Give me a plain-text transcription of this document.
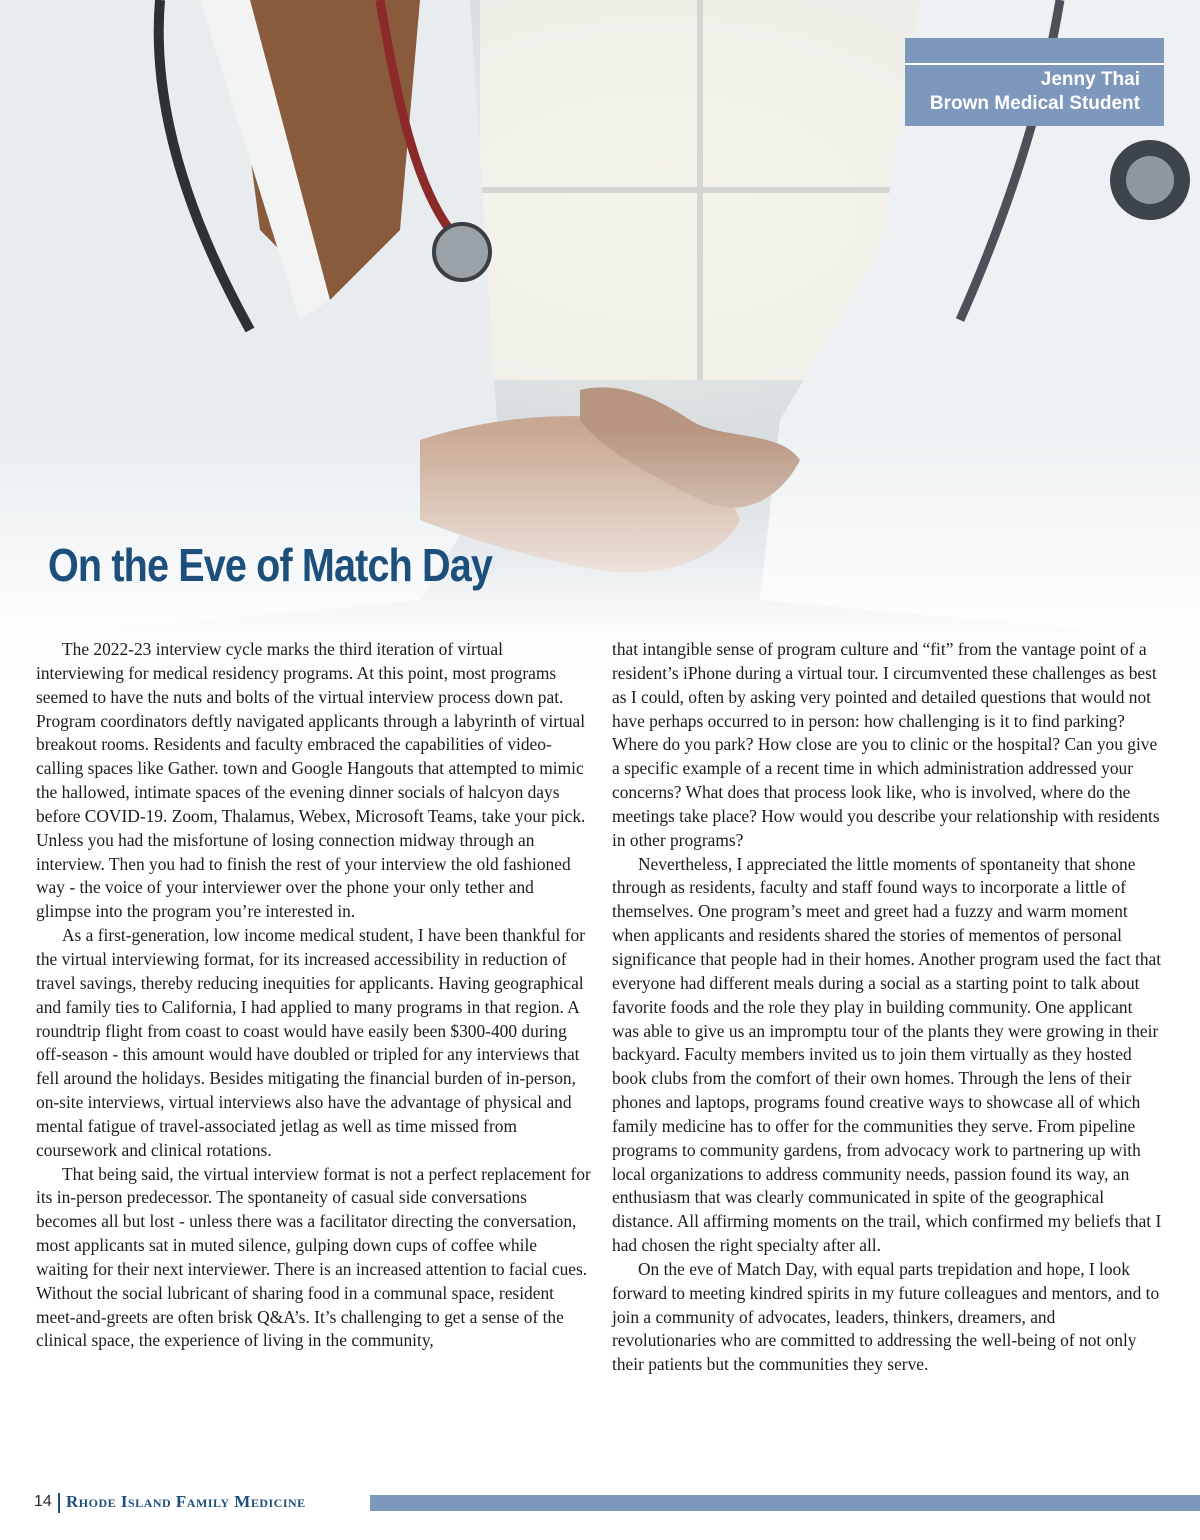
Jenny Thai
Brown Medical Student
On the Eve of Match Day

The 2022-23 interview cycle marks the third iteration of virtual interviewing for medical residency programs. At this point, most programs seemed to have the nuts and bolts of the virtual interview process down pat. Program coordinators deftly navigated applicants through a labyrinth of virtual breakout rooms. Residents and faculty embraced the capabilities of video-calling spaces like Gather. town and Google Hangouts that attempted to mimic the hallowed, intimate spaces of the evening dinner socials of halcyon days before COVID-19. Zoom, Thalamus, Webex, Microsoft Teams, take your pick. Unless you had the misfortune of losing connection midway through an interview. Then you had to finish the rest of your interview the old fashioned way - the voice of your interviewer over the phone your only tether and glimpse into the program you’re interested in.

As a first-generation, low income medical student, I have been thankful for the virtual interviewing format, for its increased accessibility in reduction of travel savings, thereby reducing inequities for applicants. Having geographical and family ties to California, I had applied to many programs in that region. A roundtrip flight from coast to coast would have easily been $300-400 during off-season - this amount would have doubled or tripled for any interviews that fell around the holidays. Besides mitigating the financial burden of in-person, on-site interviews, virtual interviews also have the advantage of physical and mental fatigue of travel-associated jetlag as well as time missed from coursework and clinical rotations.

That being said, the virtual interview format is not a perfect replacement for its in-person predecessor. The spontaneity of casual side conversations becomes all but lost - unless there was a facilitator directing the conversation, most applicants sat in muted silence, gulping down cups of coffee while waiting for their next interviewer. There is an increased attention to facial cues. Without the social lubricant of sharing food in a communal space, resident meet-and-greets are often brisk Q&A’s. It’s challenging to get a sense of the clinical space, the experience of living in the community,

that intangible sense of program culture and “fit” from the vantage point of a resident’s iPhone during a virtual tour. I circumvented these challenges as best as I could, often by asking very pointed and detailed questions that would not have perhaps occurred to in person: how challenging is it to find parking? Where do you park? How close are you to clinic or the hospital? Can you give a specific example of a recent time in which administration addressed your concerns? What does that process look like, who is involved, where do the meetings take place? How would you describe your relationship with residents in other programs?

Nevertheless, I appreciated the little moments of spontaneity that shone through as residents, faculty and staff found ways to incorporate a little of themselves. One program’s meet and greet had a fuzzy and warm moment when applicants and residents shared the stories of mementos of personal significance that people had in their homes. Another program used the fact that everyone had different meals during a social as a starting point to talk about favorite foods and the role they play in building community. One applicant was able to give us an impromptu tour of the plants they were growing in their backyard. Faculty members invited us to join them virtually as they hosted book clubs from the comfort of their own homes. Through the lens of their phones and laptops, programs found creative ways to showcase all of which family medicine has to offer for the communities they serve. From pipeline programs to community gardens, from advocacy work to partnering up with local organizations to address community needs, passion found its way, an enthusiasm that was clearly communicated in spite of the geographical distance. All affirming moments on the trail, which confirmed my beliefs that I had chosen the right specialty after all.

On the eve of Match Day, with equal parts trepidation and hope, I look forward to meeting kindred spirits in my future colleagues and mentors, and to join a community of advocates, leaders, thinkers, dreamers, and revolutionaries who are committed to addressing the well-being of not only their patients but the communities they serve.

14 Rhode Island Family Medicine
